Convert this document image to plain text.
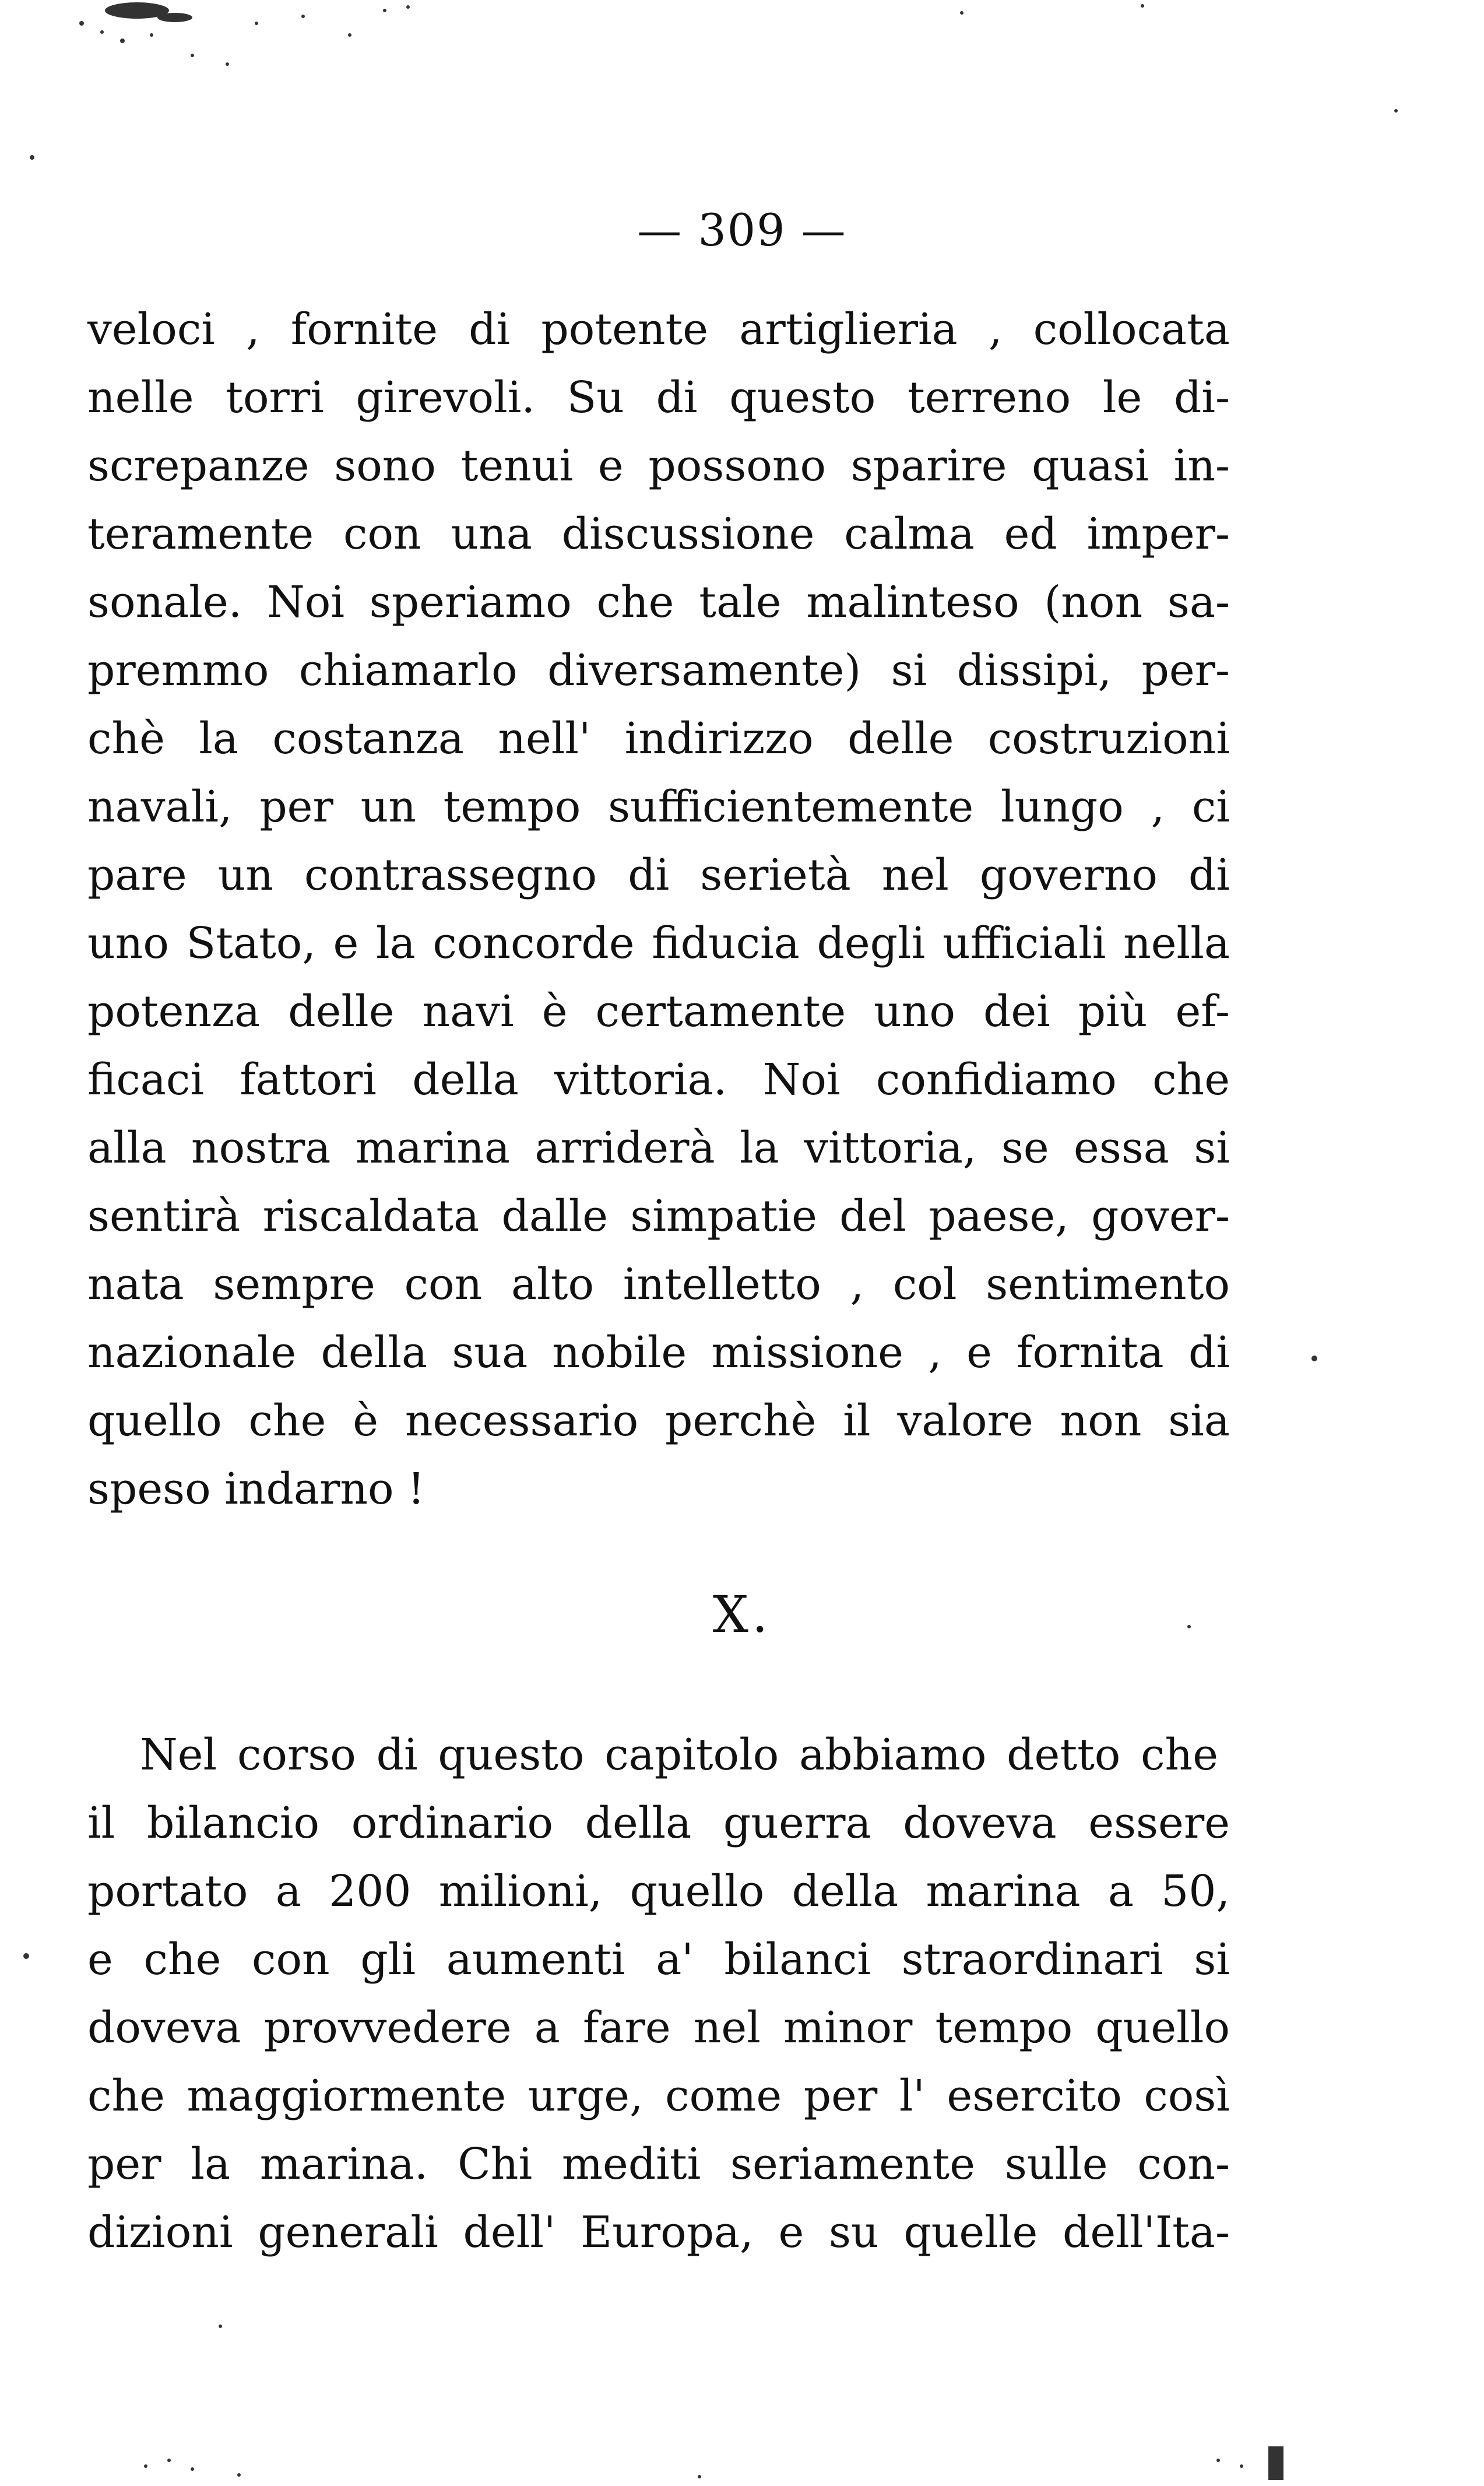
— 309 —
veloci , fornite di potente artiglieria , collocata
nelle torri girevoli. Su di questo terreno le di-
screpanze sono tenui e possono sparire quasi in-
teramente con una discussione calma ed imper-
sonale. Noi speriamo che tale malinteso (non sa-
premmo chiamarlo diversamente) si dissipi, per-
chè la costanza nell' indirizzo delle costruzioni
navali, per un tempo sufficientemente lungo , ci
pare un contrassegno di serietà nel governo di
uno Stato, e la concorde fiducia degli ufficiali nella
potenza delle navi è certamente uno dei più ef-
ficaci fattori della vittoria. Noi confidiamo che
alla nostra marina arriderà la vittoria, se essa si
sentirà riscaldata dalle simpatie del paese, gover-
nata sempre con alto intelletto , col sentimento
nazionale della sua nobile missione , e fornita di
quello che è necessario perchè il valore non sia
speso indarno !
X.
Nel corso di questo capitolo abbiamo detto che
il bilancio ordinario della guerra doveva essere
portato a 200 milioni, quello della marina a 50,
e che con gli aumenti a' bilanci straordinari si
doveva provvedere a fare nel minor tempo quello
che maggiormente urge, come per l' esercito così
per la marina. Chi mediti seriamente sulle con-
dizioni generali dell' Europa, e su quelle dell'Ita-
